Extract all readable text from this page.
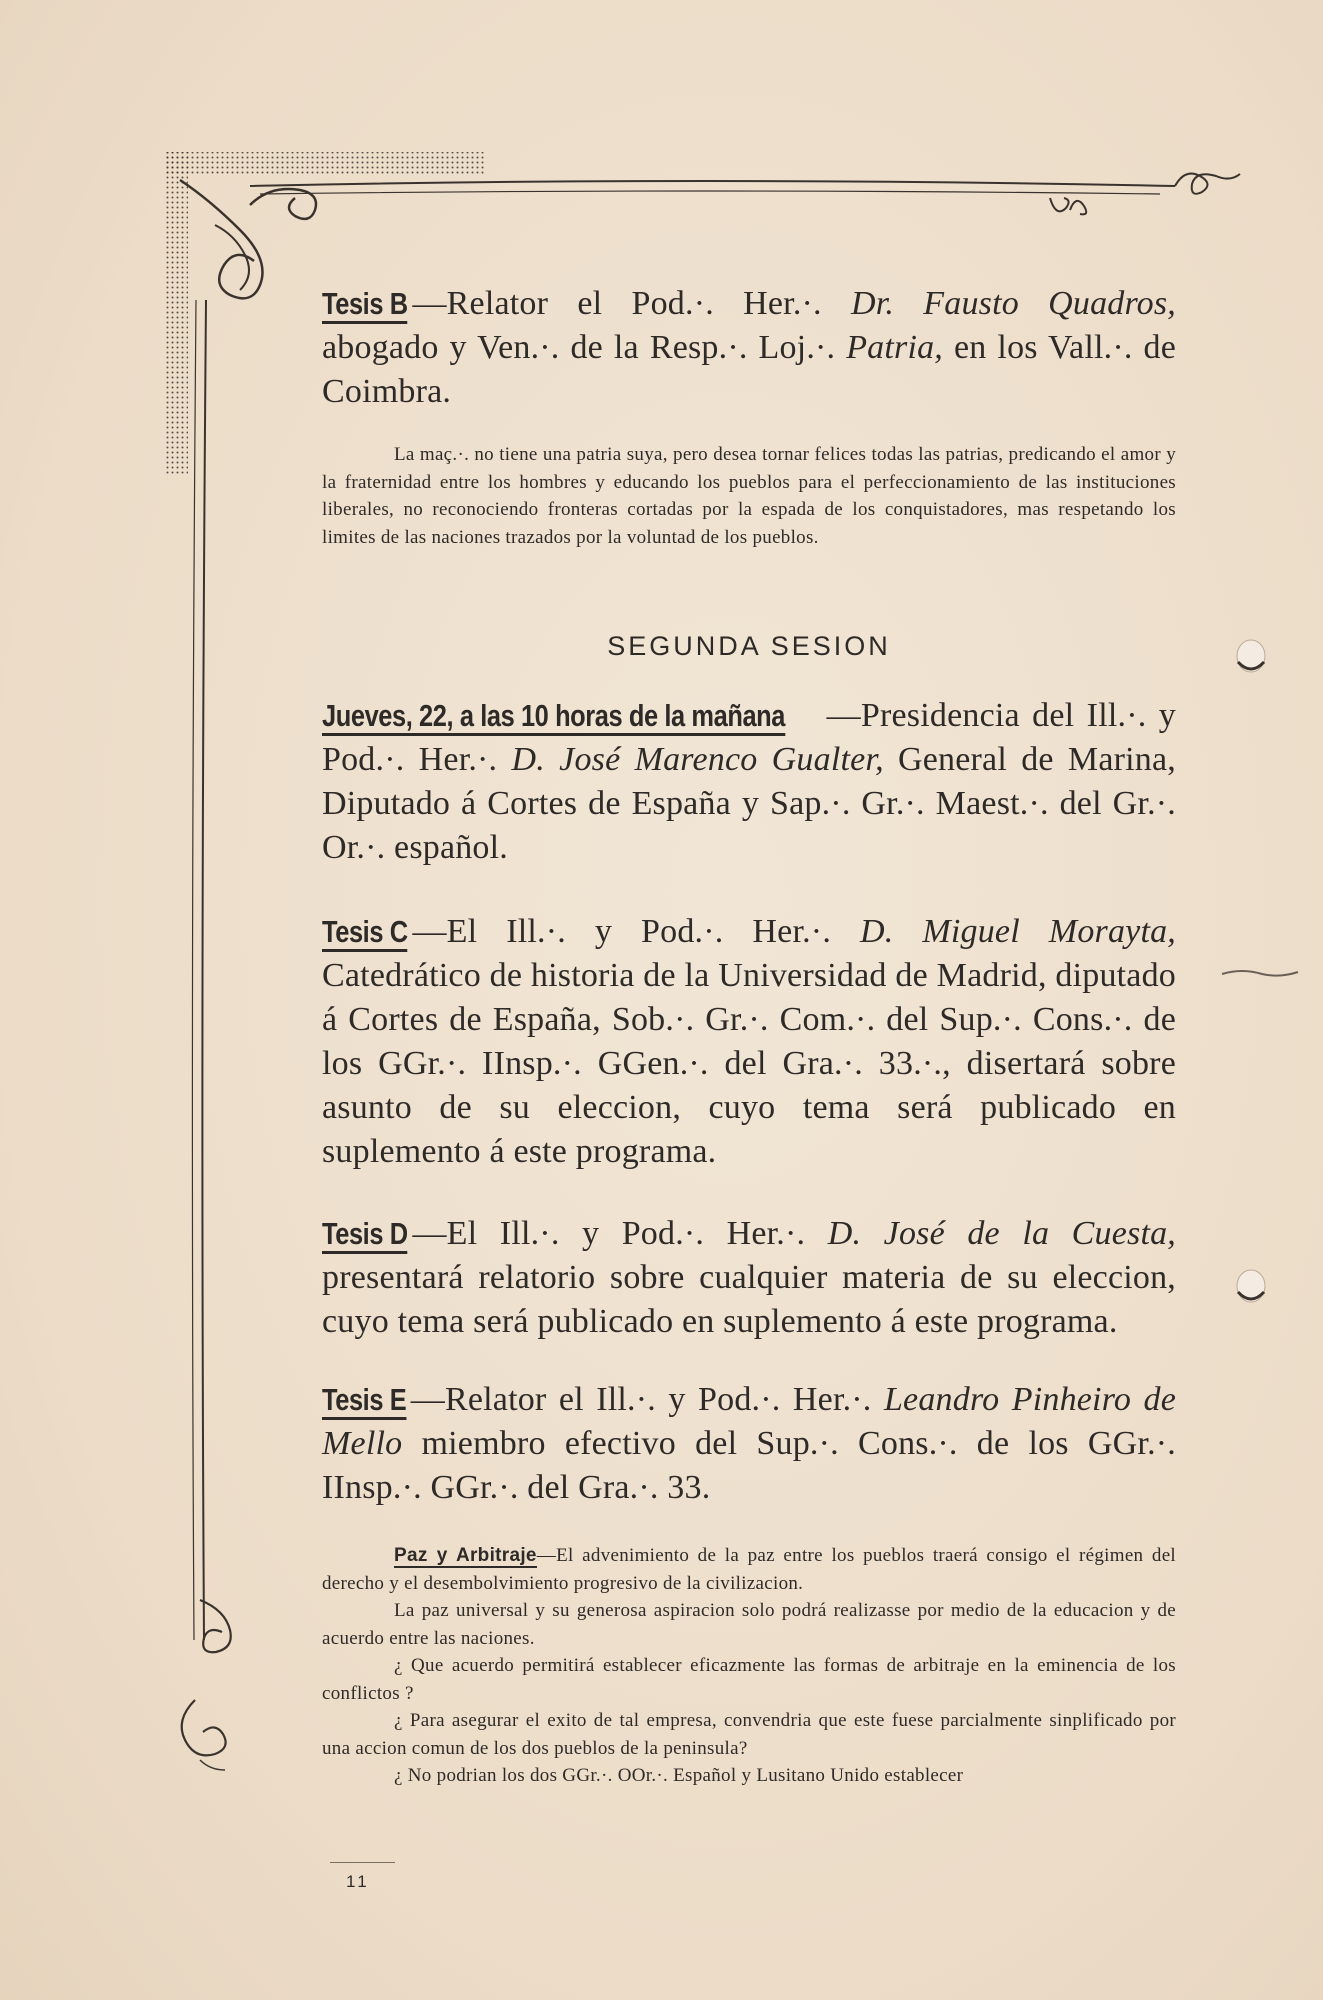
Tesis B —Relator el Pod.·. Her.·. Dr. Fausto Quadros, abogado y Ven.·. de la Resp.·. Loj.·. Patria, en los Vall.·. de Coimbra.

La maç.·. no tiene una patria suya, pero desea tornar felices todas las patrias, predicando el amor y la fraternidad entre los hombres y educando los pueblos para el perfeccionamiento de las instituciones liberales, no reconociendo fronteras cortadas por la espada de los conquistadores, mas respetando los limites de las naciones trazados por la voluntad de los pueblos.

SEGUNDA SESION

Jueves, 22, a las 10 horas de la mañana —Presidencia del Ill.·. y Pod.·. Her.·. D. José Marenco Gualter, General de Marina, Diputado á Cortes de España y Sap.·. Gr.·. Maest.·. del Gr.·. Or.·. español.

Tesis C —El Ill.·. y Pod.·. Her.·. D. Miguel Morayta, Catedrático de historia de la Universidad de Madrid, diputado á Cortes de España, Sob.·. Gr.·. Com.·. del Sup.·. Cons.·. de los GGr.·. IInsp.·. GGen.·. del Gra.·. 33.·., disertará sobre asunto de su eleccion, cuyo tema será publicado en suplemento á este programa.

Tesis D —El Ill.·. y Pod.·. Her.·. D. José de la Cuesta, presentará relatorio sobre cualquier materia de su eleccion, cuyo tema será publicado en suplemento á este programa.

Tesis E —Relator el Ill.·. y Pod.·. Her.·. Leandro Pinheiro de Mello miembro efectivo del Sup.·. Cons.·. de los GGr.·. IInsp.·. GGr.·. del Gra.·. 33.

Paz y Arbitraje—El advenimiento de la paz entre los pueblos traerá consigo el régimen del derecho y el desembolvimiento progresivo de la civilizacion.

La paz universal y su generosa aspiracion solo podrá realizasse por medio de la educacion y de acuerdo entre las naciones.

¿ Que acuerdo permitirá establecer eficazmente las formas de arbitraje en la eminencia de los conflictos ?

¿ Para asegurar el exito de tal empresa, convendria que este fuese parcialmente sinplificado por una accion comun de los dos pueblos de la peninsula?

¿ No podrian los dos GGr.·. OOr.·. Español y Lusitano Unido establecer

11
